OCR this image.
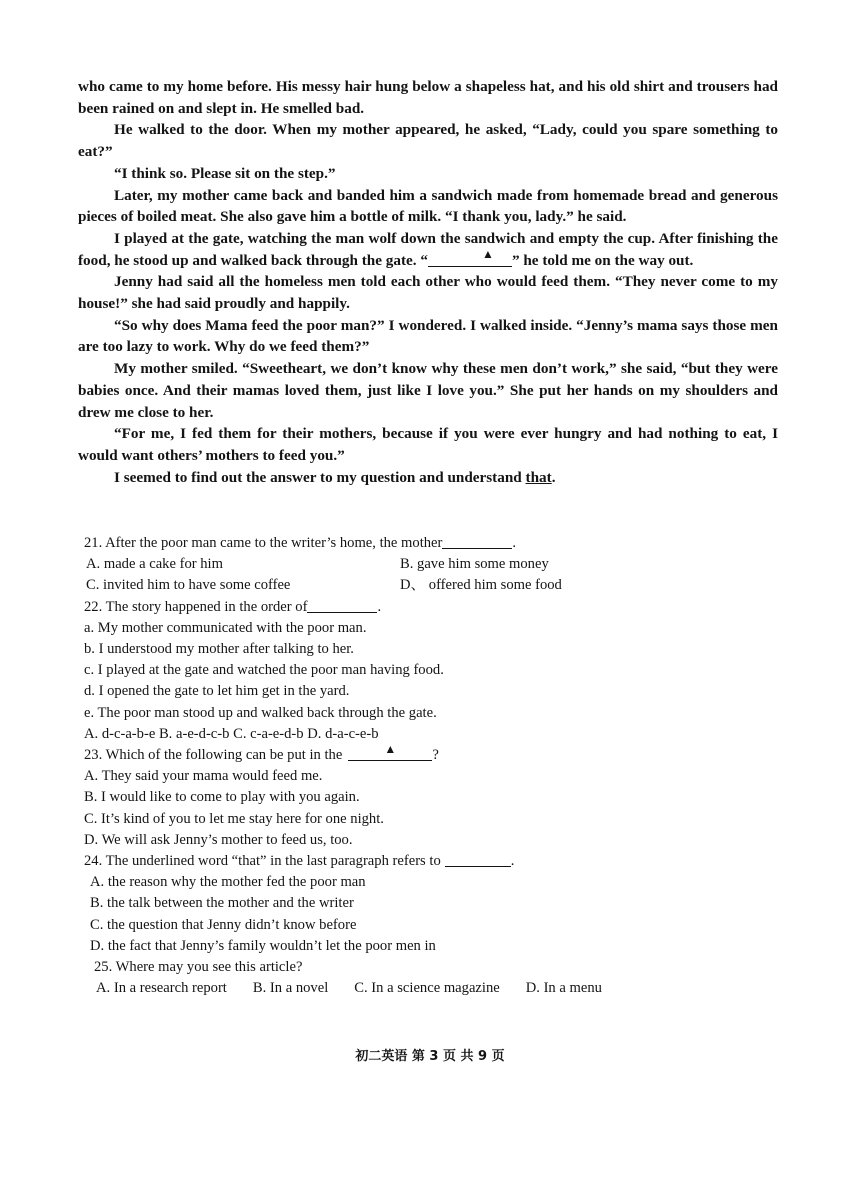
who came to my home before. His messy hair hung below a shapeless hat, and his old shirt and trousers had been rained on and slept in. He smelled bad.

He walked to the door. When my mother appeared, he asked, “Lady, could you spare something to eat?”

“I think so. Please sit on the step.”

Later, my mother came back and banded him a sandwich made from homemade bread and generous pieces of boiled meat. She also gave him a bottle of milk. “I thank you, lady.” he said.

I played at the gate, watching the man wolf down the sandwich and empty the cup. After finishing the food, he stood up and walked back through the gate. “	▲ ” he told me on the way out.

Jenny had said all the homeless men told each other who would feed them. “They never come to my house!” she had said proudly and happily.

“So why does Mama feed the poor man?” I wondered. I walked inside. “Jenny’s mama says those men are too lazy to work. Why do we feed them?”

My mother smiled. “Sweetheart, we don’t know why these men don’t work,” she said, “but they were babies once. And their mamas loved them, just like I love you.” She put her hands on my shoulders and drew me close to her.

“For me, I fed them for their mothers, because if you were ever hungry and had nothing to eat, I would want others’ mothers to feed you.”

I seemed to find out the answer to my question and understand that.

21. After the poor man came to the writer’s home, the mother	.

A. made a cake for him	B. gave him some money
C. invited him to have some coffee	D、 offered him some food

22. The story happened in the order of	.

a. My mother communicated with the poor man.

b. I understood my mother after talking to her.

c. I played at the gate and watched the poor man having food.

d. I opened the gate to let him get in the yard.

e. The poor man stood up and walked back through the gate.

A. d-c-a-b-e B. a-e-d-c-b C. c-a-e-d-b D. d-a-c-e-b

23. Which of the following can be put in the	▲ ?

A. They said your mama would feed me.

B. I would like to come to play with you again.

C. It’s kind of you to let me stay here for one night.

D. We will ask Jenny’s mother to feed us, too.

24. The underlined word “that” in the last paragraph refers to	.

A. the reason why the mother fed the poor man

B. the talk between the mother and the writer

C. the question that Jenny didn’t know before

D. the fact that Jenny’s family wouldn’t let the poor men in

25. Where may you see this article?

A. In a research report B. In a novel C. In a science magazine D. In a menu
初二英语 第 3 页 共 9 页
